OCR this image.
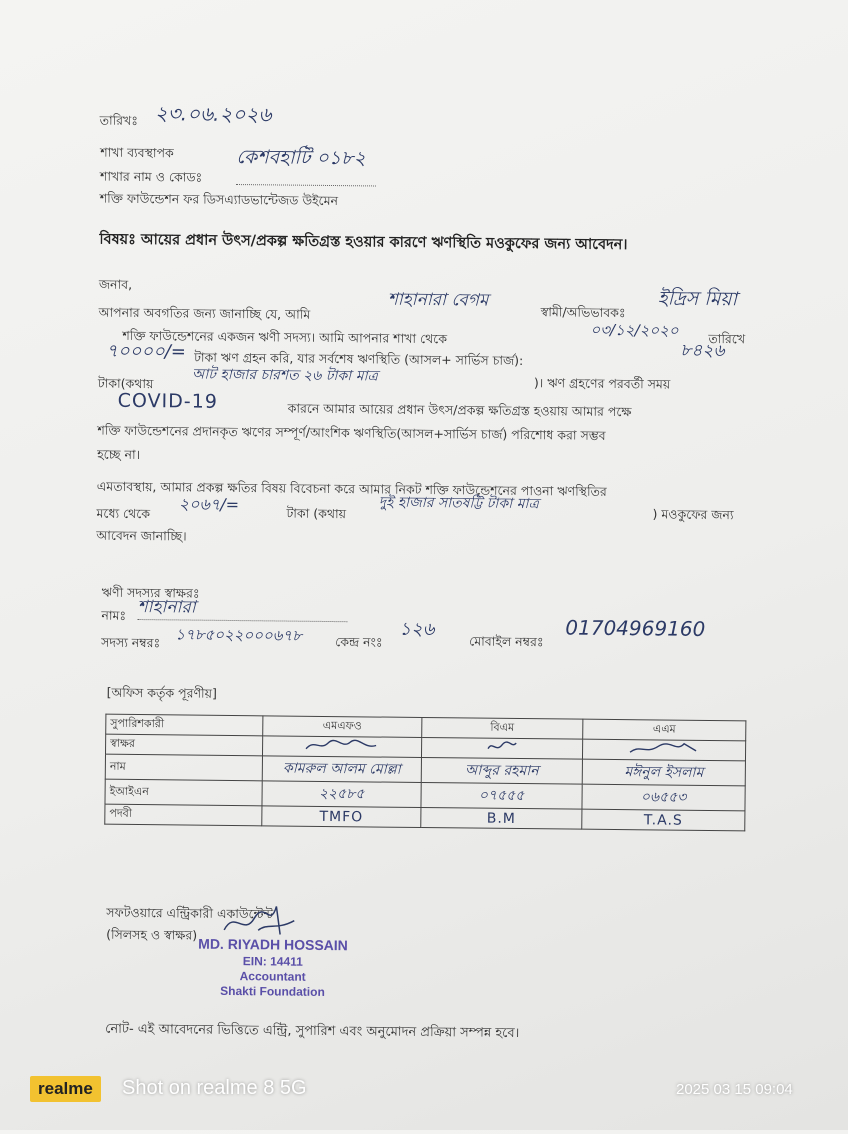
তারিখঃ ২৩.০৬.২০২৬
শাখা ব্যবস্থাপক
শাখার নাম ও কোডঃ
কেশবহাটি ০১৮২
শক্তি ফাউন্ডেশন ফর ডিসএ্যাডভান্টেজড উইমেন
বিষয়ঃ আয়ের প্রধান উৎস/প্রকল্প ক্ষতিগ্রস্ত হওয়ার কারণে ঋণস্থিতি মওকুফের জন্য আবেদন।
জনাব,
আপনার অবগতির জন্য জানাচ্ছি যে, আমি
শাহানারা বেগম
স্বামী/অভিভাবকঃ
ইদ্রিস মিয়া
শক্তি ফাউন্ডেশনের একজন ঋণী সদস্য। আমি আপনার শাখা থেকে	০৩/১২/২০২০ তারিখে
৭০০০০/= টাকা ঋণ গ্রহন করি, যার সর্বশেষ ঋণস্থিতি (আসল+ সার্ভিস চার্জ):	৮৪২৬
টাকা(কথায়	আট হাজার চারশত ২৬ টাকা মাত্র	)। ঋণ গ্রহণের পরবর্তী সময়
COVID-19	কারনে আমার আয়ের প্রধান উৎস/প্রকল্প ক্ষতিগ্রস্ত হওয়ায় আমার পক্ষে
শক্তি ফাউন্ডেশনের প্রদানকৃত ঋণের সম্পূর্ণ/আংশিক ঋণস্থিতি(আসল+সার্ভিস চার্জ) পরিশোধ করা সম্ভব
হচ্ছে না।
এমতাবস্থায়, আমার প্রকল্প ক্ষতির বিষয় বিবেচনা করে আমার নিকট শক্তি ফাউন্ডেশনের পাওনা ঋণস্থিতির
মধ্যে থেকে ২০৬৭/=	টাকা (কথায়
দুই হাজার সাতষট্টি টাকা মাত্র
) মওকুফের জন্য
আবেদন জানাচ্ছি।
ঋণী সদস্যর স্বাক্ষরঃ
নামঃ শাহানারা
সদস্য নম্বরঃ ১৭৮৫০২২০০০৬৭৮	কেন্দ্র নংঃ
১২৬
মোবাইল নম্বরঃ
01704969160
[অফিস কর্তৃক পূরণীয়]
সুপারিশকারী	এমএফও	বিএম	এএম
স্বাক্ষর			
নাম	কামরুল আলম মোল্লা	আব্দুর রহমান	মঈনুল ইসলাম
ইআইএন	২২৫৮৫	০৭৫৫৫	০৬৫৫৩
পদবী	TMFO	B.M	T.A.S
সফটওয়ারে এন্ট্রিকারী একাউন্টেন্ট
(সিলসহ ও স্বাক্ষর)
MD. RIYADH HOSSAIN
EIN: 14411
Accountant
Shakti Foundation
নোট- এই আবেদনের ভিত্তিতে এন্ট্রি, সুপারিশ এবং অনুমোদন প্রক্রিয়া সম্পন্ন হবে।
realme	Shot on realme 8 5G	2025 03 15 09:04
